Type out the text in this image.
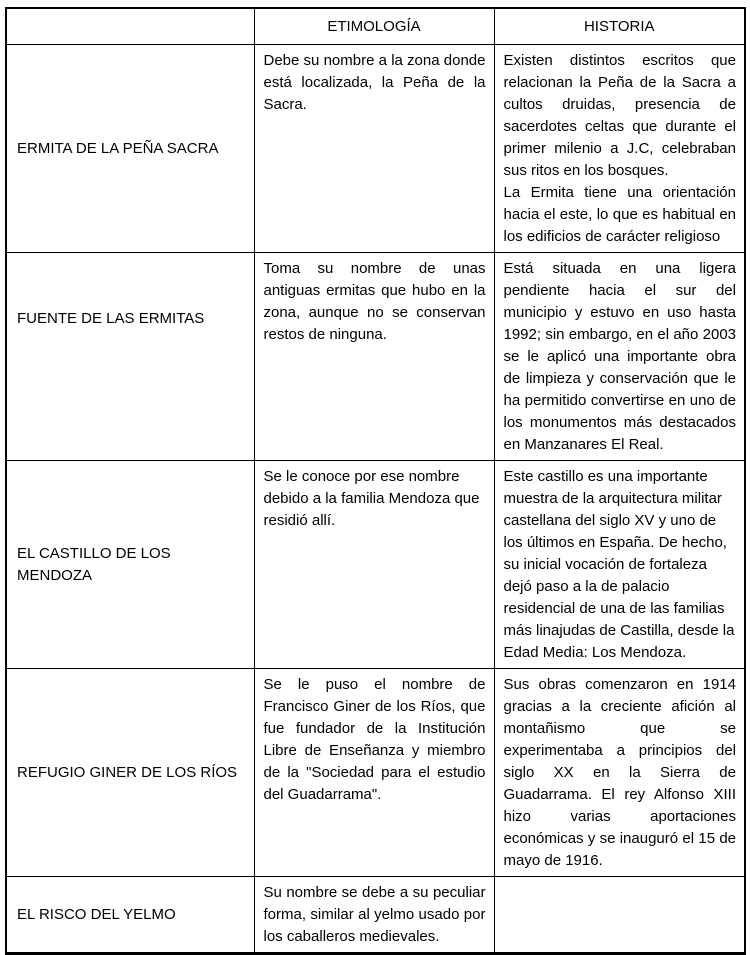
	ETIMOLOGÍA	HISTORIA
ERMITA DE LA PEÑA SACRA	Debe su nombre a la zona donde está localizada, la Peña de la Sacra.	Existen distintos escritos que relacionan la Peña de la Sacra a cultos druidas, presencia de sacerdotes celtas que durante el primer milenio a J.C, celebraban sus ritos en los bosques.
La Ermita tiene una orientación hacia el este, lo que es habitual en los edificios de carácter religioso

FUENTE DE LAS ERMITAS	Toma su nombre de unas antiguas ermitas que hubo en la zona, aunque no se conservan restos de ninguna.	Está situada en una ligera pendiente hacia el sur del municipio y estuvo en uso hasta 1992; sin embargo, en el año 2003 se le aplicó una importante obra de limpieza y conservación que le ha permitido convertirse en uno de los monumentos más destacados en Manzanares El Real.
EL CASTILLO DE LOS MENDOZA	Se le conoce por ese nombre debido a la familia Mendoza que residió allí.	Este castillo es una importante muestra de la arquitectura militar castellana del siglo XV y uno de los últimos en España. De hecho, su inicial vocación de fortaleza dejó paso a la de palacio residencial de una de las familias más linajudas de Castilla, desde la Edad Media: Los Mendoza.
REFUGIO GINER DE LOS RÍOS	Se le puso el nombre de Francisco Giner de los Ríos, que fue fundador de la Institución Libre de Enseñanza y miembro de la "Sociedad para el estudio del Guadarrama".	Sus obras comenzaron en 1914 gracias a la creciente afición al montañismo que se experimentaba a principios del siglo XX en la Sierra de Guadarrama. El rey Alfonso XIII hizo varias aportaciones económicas y se inauguró el 15 de mayo de 1916.
EL RISCO DEL YELMO	Su nombre se debe a su peculiar forma, similar al yelmo usado por los caballeros medievales.	
